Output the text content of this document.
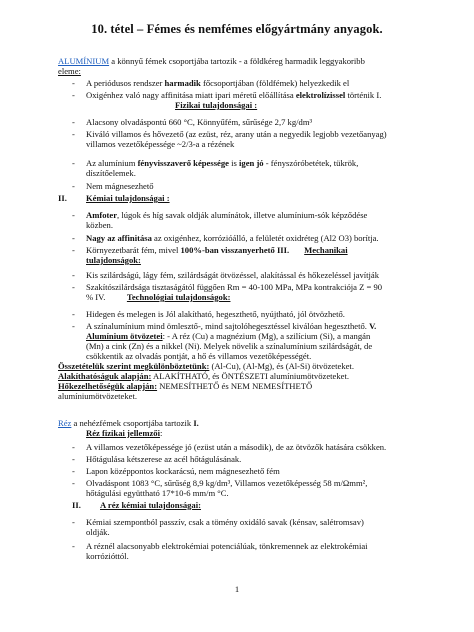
10. tétel – Fémes és nemfémes előgyártmány anyagok.
ALUMÍNIUM a könnyű fémek csoportjába tartozik - a földkéreg harmadik leggyakoribb
eleme:
- A periódusos rendszer harmadik főcsoportjában (földfémek) helyezkedik el
- Oxigénhez való nagy affinitása miatt ipari méretű előállítása elektrolízissel történik I.
Fizikai tulajdonságai :
- Alacsony olvadáspontú 660 °C, Könnyűfém, sűrűsége 2,7 kg/dm³
- Kiváló villamos és hővezető (az ezüst, réz, arany után a negyedik legjobb vezetőanyag)
villamos vezetőképessége ~2/3-a a rézének
- Az alumínium fényvisszaverő képessége is igen jó - fényszóróbetétek, tükrök,
díszítőelemek.
- Nem mágnesezhető
II. Kémiai tulajdonságai :
- Amfoter, lúgok és híg savak oldják alumínátok, illetve alumínium-sók képződése
közben.
- Nagy az affinitása az oxigénhez, korrózióálló, a felületét oxidréteg (Al2 O3) borítja.
- Környezetbarát fém, mivel 100%-ban visszanyerhető III. Mechanikai
tulajdonságok:
- Kis szilárdságú, lágy fém, szilárdságát ötvözéssel, alakítással és hőkezeléssel javítják
- Szakítószilárdsága tisztaságától függően Rm = 40-100 MPa, MPa kontrakciója Z = 90
% IV. Technológiai tulajdonságok:
- Hidegen és melegen is Jól alakítható, hegeszthető, nyújtható, jól ötvözhető.
- A színalumínium mind ömlesztő-, mind sajtolóhegesztéssel kiválóan hegeszthető. V.
Alumínium ötvözetei: - A réz (Cu) a magnézium (Mg), a szilícium (Si), a mangán
(Mn) a cink (Zn) és a nikkel (Ni). Melyek növelik a színalumínium szilárdságát, de
csökkentik az olvadás pontját, a hő és villamos vezetőképességét.
Összetételük szerint megkülönböztetünk: (Al-Cu), (Al-Mg), és (Al-Si) ötvözeteket.
Alakíthatóságuk alapján: ALAKÍTHATÓ, és ÖNTÉSZETI alumíniumötvözeteket.
Hőkezelhetőségük alapján: NEMESÍTHETŐ és NEM NEMESÍTHETŐ
alumíniumötvözeteket.
Réz a nehézfémek csoportjába tartozik I.
Réz fizikai jellemzői:
- A villamos vezetőképessége jó (ezüst után a második), de az ötvözők hatására csökken.
- Hőtágulása kétszerese az acél hőtágulásának.
- Lapon középpontos kockarácsú, nem mágnesezhető fém
- Olvadáspont 1083 °C, sűrűség 8,9 kg/dm³, Villamos vezetőképesség 58 m/Ωmm²,
hőtágulási együttható 17*10-6 mm/m °C.
II. A réz kémiai tulajdonságai:
- Kémiai szempontból passzív, csak a tömény oxidáló savak (kénsav, salétromsav)
oldják.
- A réznél alacsonyabb elektrokémiai potenciálúak, tönkremennek az elektrokémiai
korrózióttól.
1
